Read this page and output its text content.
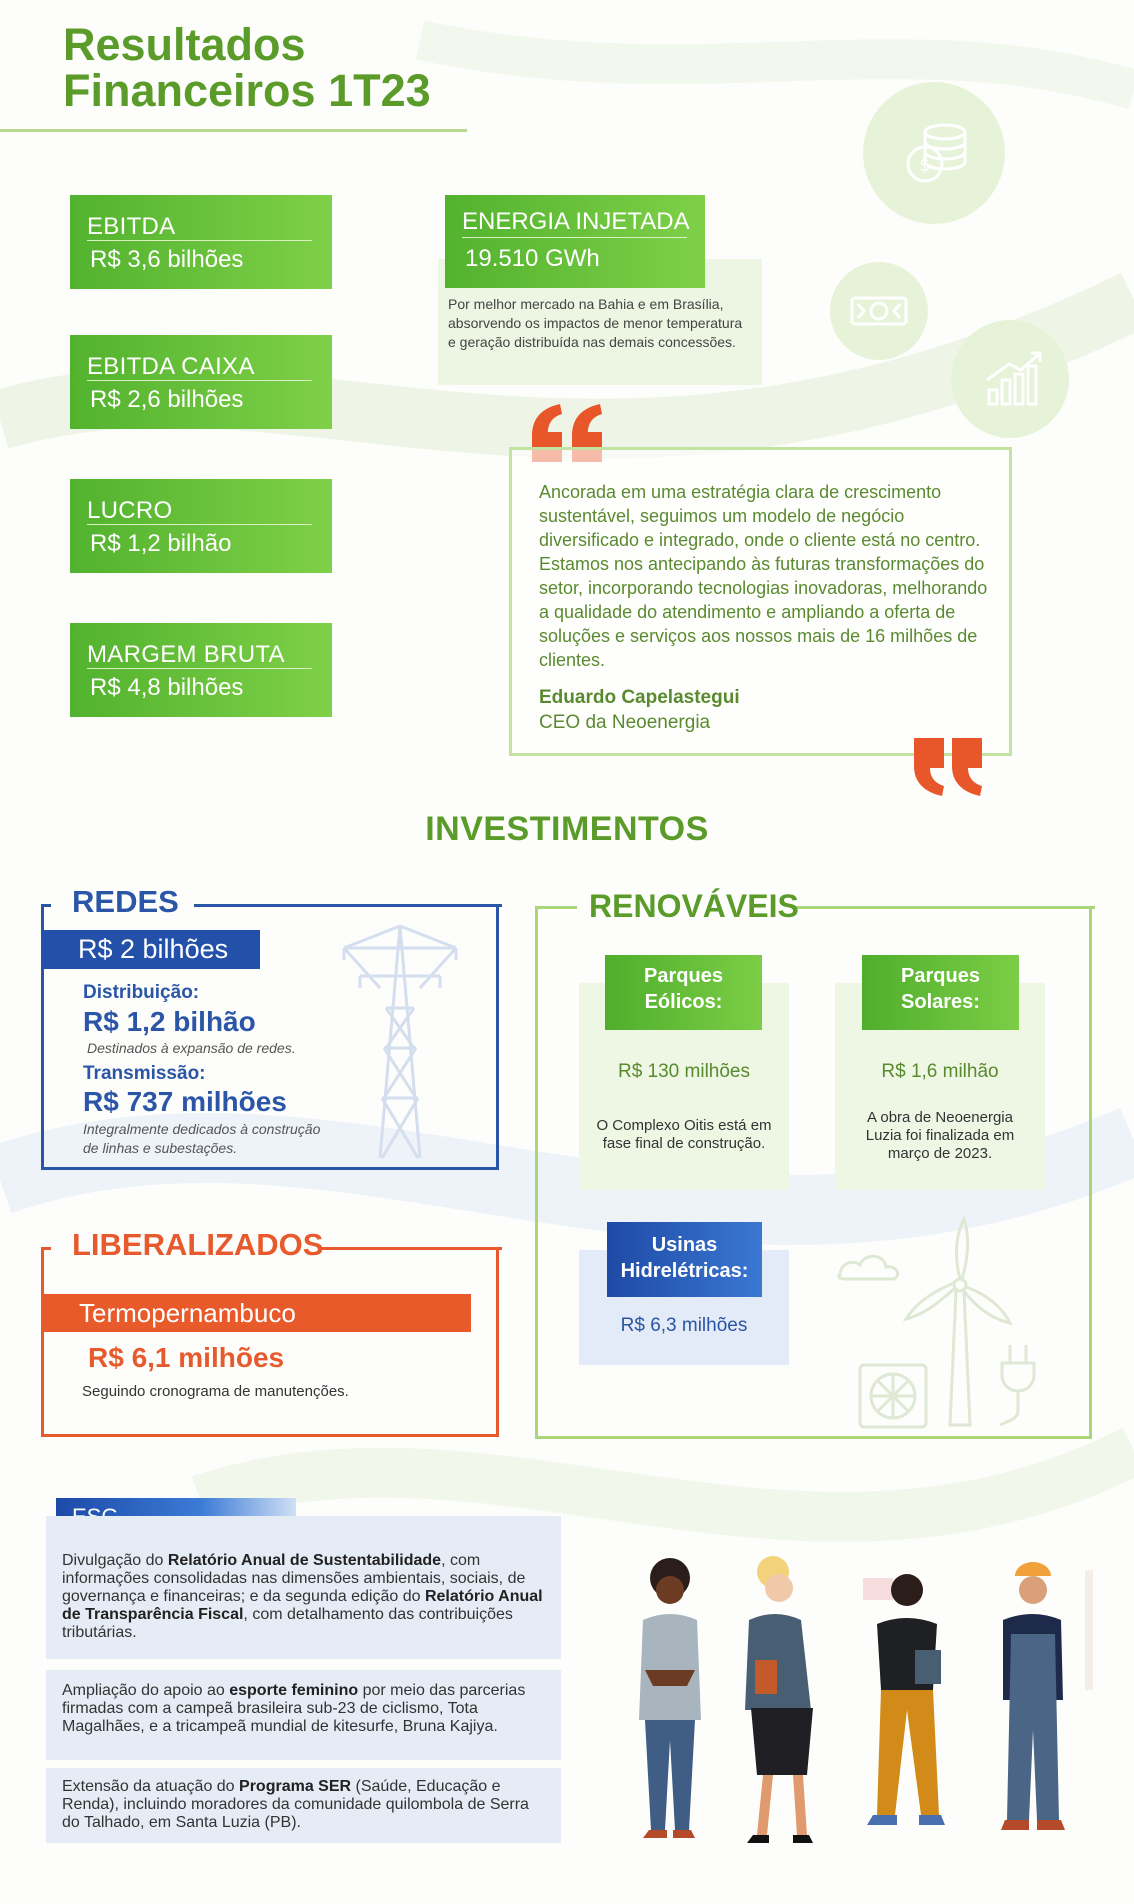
Resultados
Financeiros 1T23
EBITDA
R$ 3,6 bilhões
EBITDA CAIXA
R$ 2,6 bilhões
LUCRO
R$ 1,2 bilhão
MARGEM BRUTA
R$ 4,8 bilhões

Por melhor mercado na Bahia e em Brasília, absorvendo os impactos de menor temperatura e geração distribuída nas demais concessões.

ENERGIA INJETADA
19.510 GWh
$
Ancorada em uma estratégia clara de crescimento sustentável, seguimos um modelo de negócio diversificado e integrado, onde o cliente está no centro. Estamos nos antecipando às futuras transformações do setor, incorporando tecnologias inovadoras, melhorando a qualidade do atendimento e ampliando a oferta de soluções e serviços aos nossos mais de 16 milhões de clientes.
Eduardo Capelastegui
CEO da Neoenergia
INVESTIMENTOS
REDES
R$ 2 bilhões
Distribuição:
R$ 1,2 bilhão
Destinados à expansão de redes.
Transmissão:
R$ 737 milhões
Integralmente dedicados à construção
de linhas e subestações.
LIBERALIZADOS
Termopernambuco
R$ 6,1 milhões
Seguindo cronograma de manutenções.
RENOVÁVEIS
Parques
Eólicos:
R$ 130 milhões
O Complexo Oitis está em
fase final de construção.
Parques
Solares:
R$ 1,6 milhão
A obra de Neoenergia
Luzia foi finalizada em
março de 2023.
Usinas
Hidrelétricas:
R$ 6,3 milhões
Divulgação do Relatório Anual de Sustentabilidade, com informações consolidadas nas dimensões ambientais, sociais, de governança e financeiras; e da segunda edição do Relatório Anual de Transparência Fiscal, com detalhamento das contribuições tributárias.
Ampliação do apoio ao esporte feminino por meio das parcerias firmadas com a campeã brasileira sub-23 de ciclismo, Tota Magalhães, e a tricampeã mundial de kitesurfe, Bruna Kajiya.
Extensão da atuação do Programa SER (Saúde, Educação e Renda), incluindo moradores da comunidade quilombola de Serra do Talhado, em Santa Luzia (PB).
